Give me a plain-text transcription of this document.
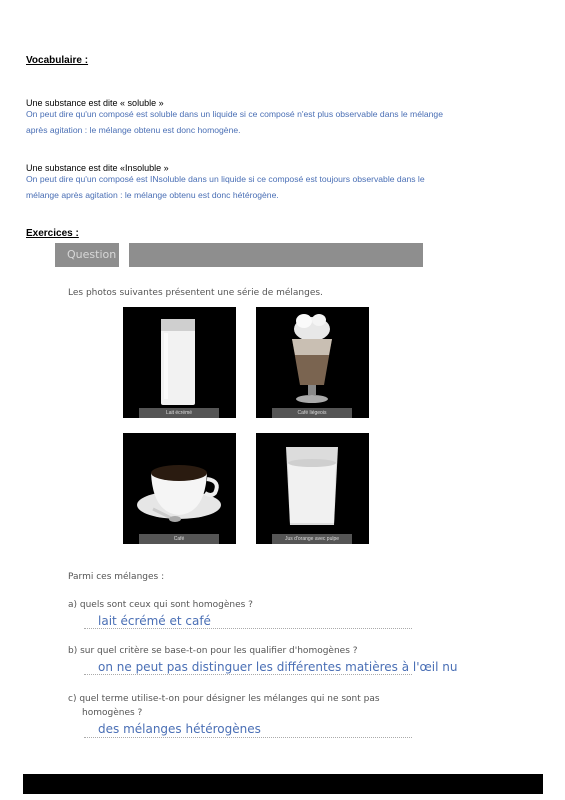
Vocabulaire :
Une substance est dite « soluble »
On peut dire qu'un composé est soluble dans un liquide si ce composé n'est plus observable dans le mélange
après agitation : le mélange obtenu est donc homogène.
Une substance est dite «Insoluble »
On peut dire qu'un composé est INsoluble dans un liquide si ce composé est toujours observable dans le
mélange après agitation : le mélange obtenu est donc hétérogène.
Exercices :
Question
Les photos suivantes présentent une série de mélanges.
Lait écrémé	Café liégeois
Café	Jus d'orange avec pulpe
Parmi ces mélanges :
a) quels sont ceux qui sont homogènes ?
lait écrémé et café
b) sur quel critère se base-t-on pour les qualifier d'homogènes ?
on ne peut pas distinguer les différentes matières à l'œil nu
c) quel terme utilise-t-on pour désigner les mélanges qui ne sont pas
homogènes ?
des mélanges hétérogènes
